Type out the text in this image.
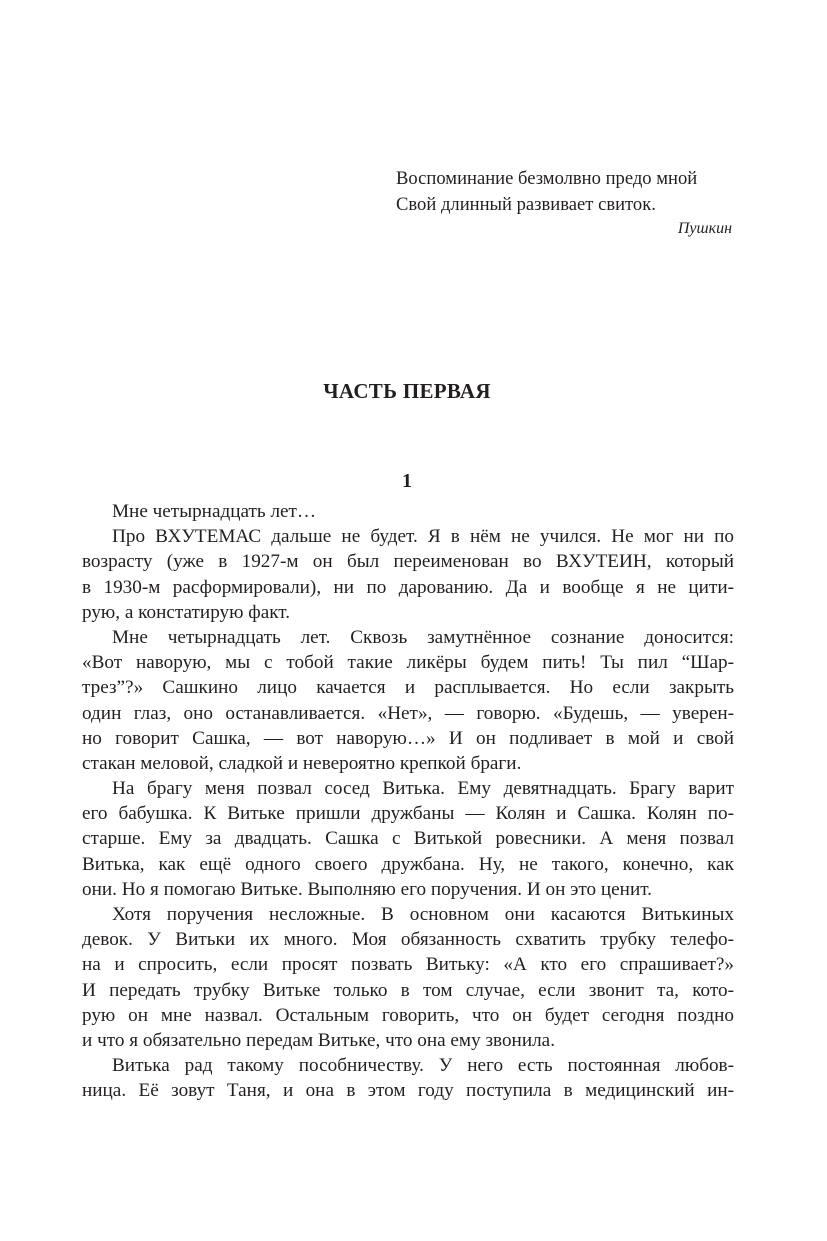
Воспоминание безмолвно предо мной
Свой длинный развивает свиток.
Пушкин
ЧАСТЬ ПЕРВАЯ
1
Мне четырнадцать лет…
Про ВХУТЕМАС дальше не будет. Я в нём не учился. Не мог ни по
возрасту (уже в 1927-м он был переименован во ВХУТЕИН, который
в 1930-м расформировали), ни по дарованию. Да и вообще я не цити-
рую, а констатирую факт.
Мне четырнадцать лет. Сквозь замутнённое сознание доносится:
«Вот наворую, мы с тобой такие ликёры будем пить! Ты пил “Шар-
трез”?» Сашкино лицо качается и расплывается. Но если закрыть
один глаз, оно останавливается. «Нет», — говорю. «Будешь, — уверен-
но говорит Сашка, — вот наворую…» И он подливает в мой и свой
стакан меловой, сладкой и невероятно крепкой браги.
На брагу меня позвал сосед Витька. Ему девятнадцать. Брагу варит
его бабушка. К Витьке пришли дружбаны — Колян и Сашка. Колян по-
старше. Ему за двадцать. Сашка с Витькой ровесники. А меня позвал
Витька, как ещё одного своего дружбана. Ну, не такого, конечно, как
они. Но я помогаю Витьке. Выполняю его поручения. И он это ценит.
Хотя поручения несложные. В основном они касаются Витькиных
девок. У Витьки их много. Моя обязанность схватить трубку телефо-
на и спросить, если просят позвать Витьку: «А кто его спрашивает?»
И передать трубку Витьке только в том случае, если звонит та, кото-
рую он мне назвал. Остальным говорить, что он будет сегодня поздно
и что я обязательно передам Витьке, что она ему звонила.
Витька рад такому пособничеству. У него есть постоянная любов-
ница. Её зовут Таня, и она в этом году поступила в медицинский ин-
